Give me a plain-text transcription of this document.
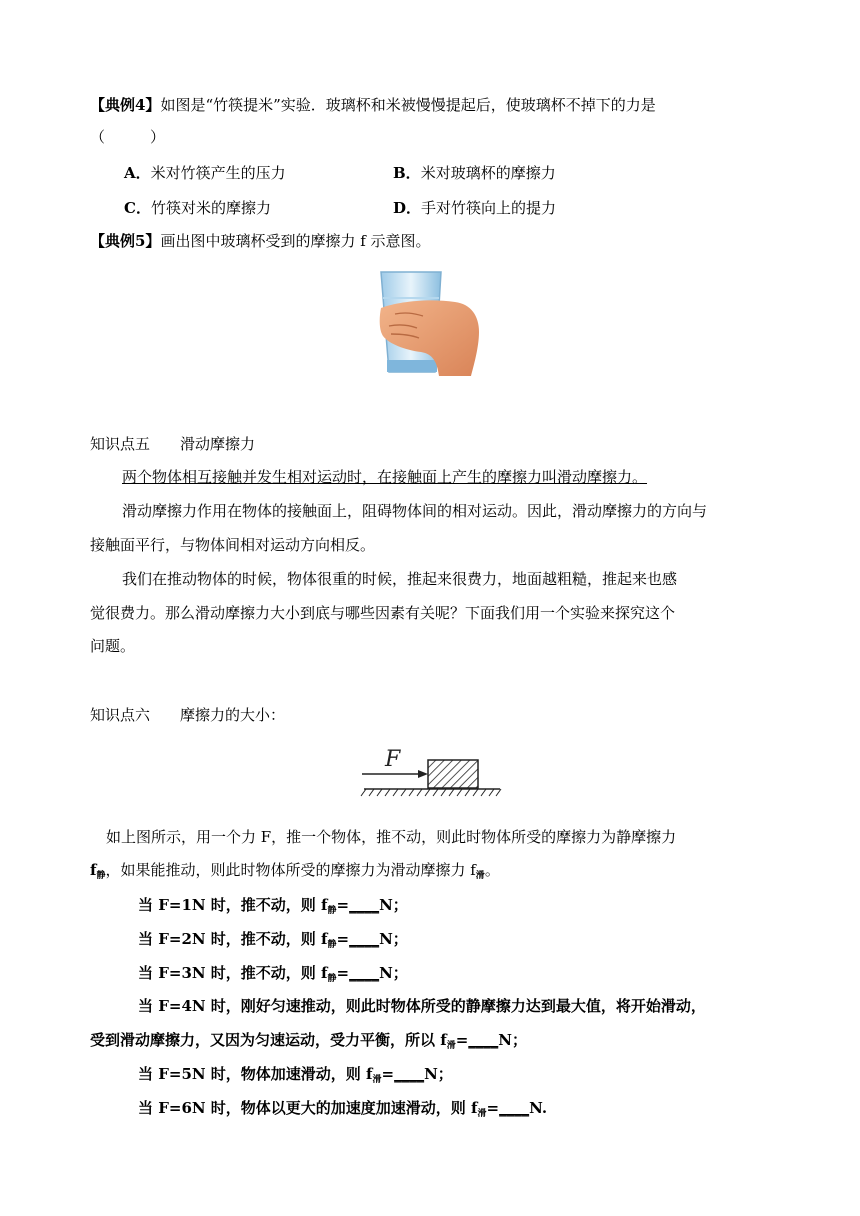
【典例4】如图是“竹筷提米”实验．玻璃杯和米被慢慢提起后，使玻璃杯不掉下的力是
（　　　）
A．米对竹筷产生的压力	B．米对玻璃杯的摩擦力
C．竹筷对米的摩擦力	D．手对竹筷向上的提力
【典例5】画出图中玻璃杯受到的摩擦力 f 示意图。
知识点五　　滑动摩擦力
两个物体相互接触并发生相对运动时，在接触面上产生的摩擦力叫滑动摩擦力。
滑动摩擦力作用在物体的接触面上，阻碍物体间的相对运动。因此，滑动摩擦力的方向与
接触面平行，与物体间相对运动方向相反。
我们在推动物体的时候，物体很重的时候，推起来很费力，地面越粗糙，推起来也感
觉很费力。那么滑动摩擦力大小到底与哪些因素有关呢？下面我们用一个实验来探究这个
问题。
知识点六　　摩擦力的大小：
F
如上图所示，用一个力 F，推一个物体，推不动，则此时物体所受的摩擦力为静摩擦力
$f_静$，如果能推动，则此时物体所受的摩擦力为滑动摩擦力 $f_滑$。
当 F=1N 时，推不动，则 $f_静=\_\_\_\_N$；
当 F=2N 时，推不动，则 $f_静=\_\_\_\_N$；
当 F=3N 时，推不动，则 $f_静=\_\_\_\_N$；
当 F=4N 时，刚好匀速推动，则此时物体所受的静摩擦力达到最大值，将开始滑动，
受到滑动摩擦力，又因为匀速运动，受力平衡，所以 $f_滑=\_\_\_\_N$；
当 F=5N 时，物体加速滑动，则 $f_滑=\_\_\_\_N$；
当 F=6N 时，物体以更大的加速度加速滑动，则 $f_滑=\_\_\_\_N$.
